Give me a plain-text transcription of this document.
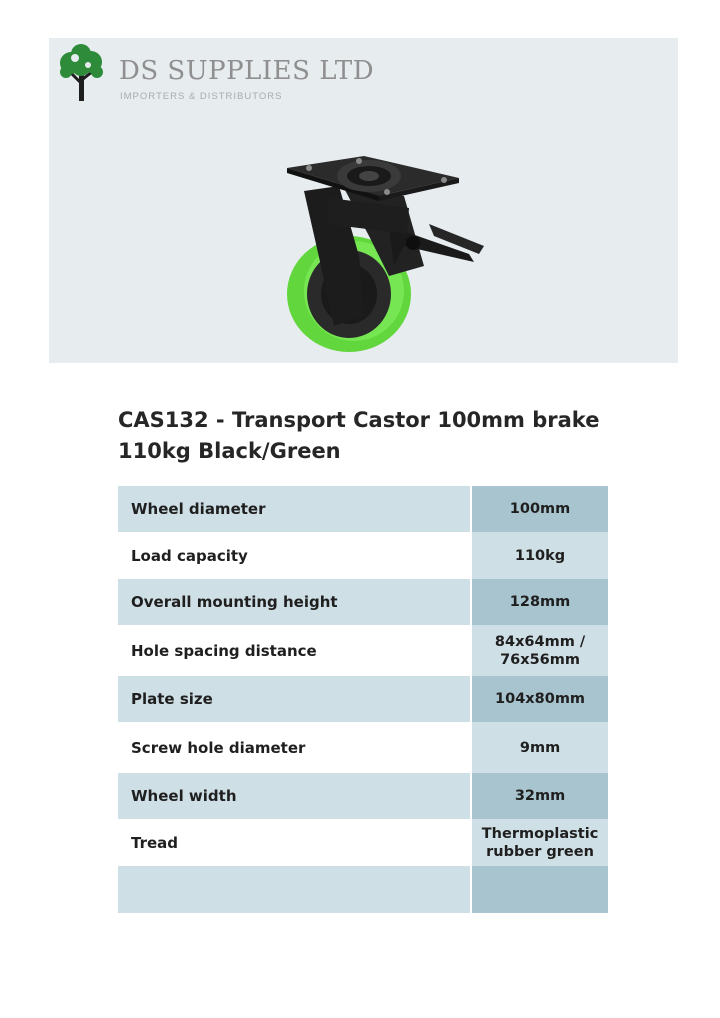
DS SUPPLIES LTD
IMPORTERS & DISTRIBUTORS
CAS132 - Transport Castor 100mm brake 110kg Black/Green
Wheel diameter	100mm
Load capacity	110kg
Overall mounting height	128mm
Hole spacing distance	84x64mm / 76x56mm
Plate size	104x80mm
Screw hole diameter	9mm
Wheel width	32mm
Tread	Thermoplastic rubber green
